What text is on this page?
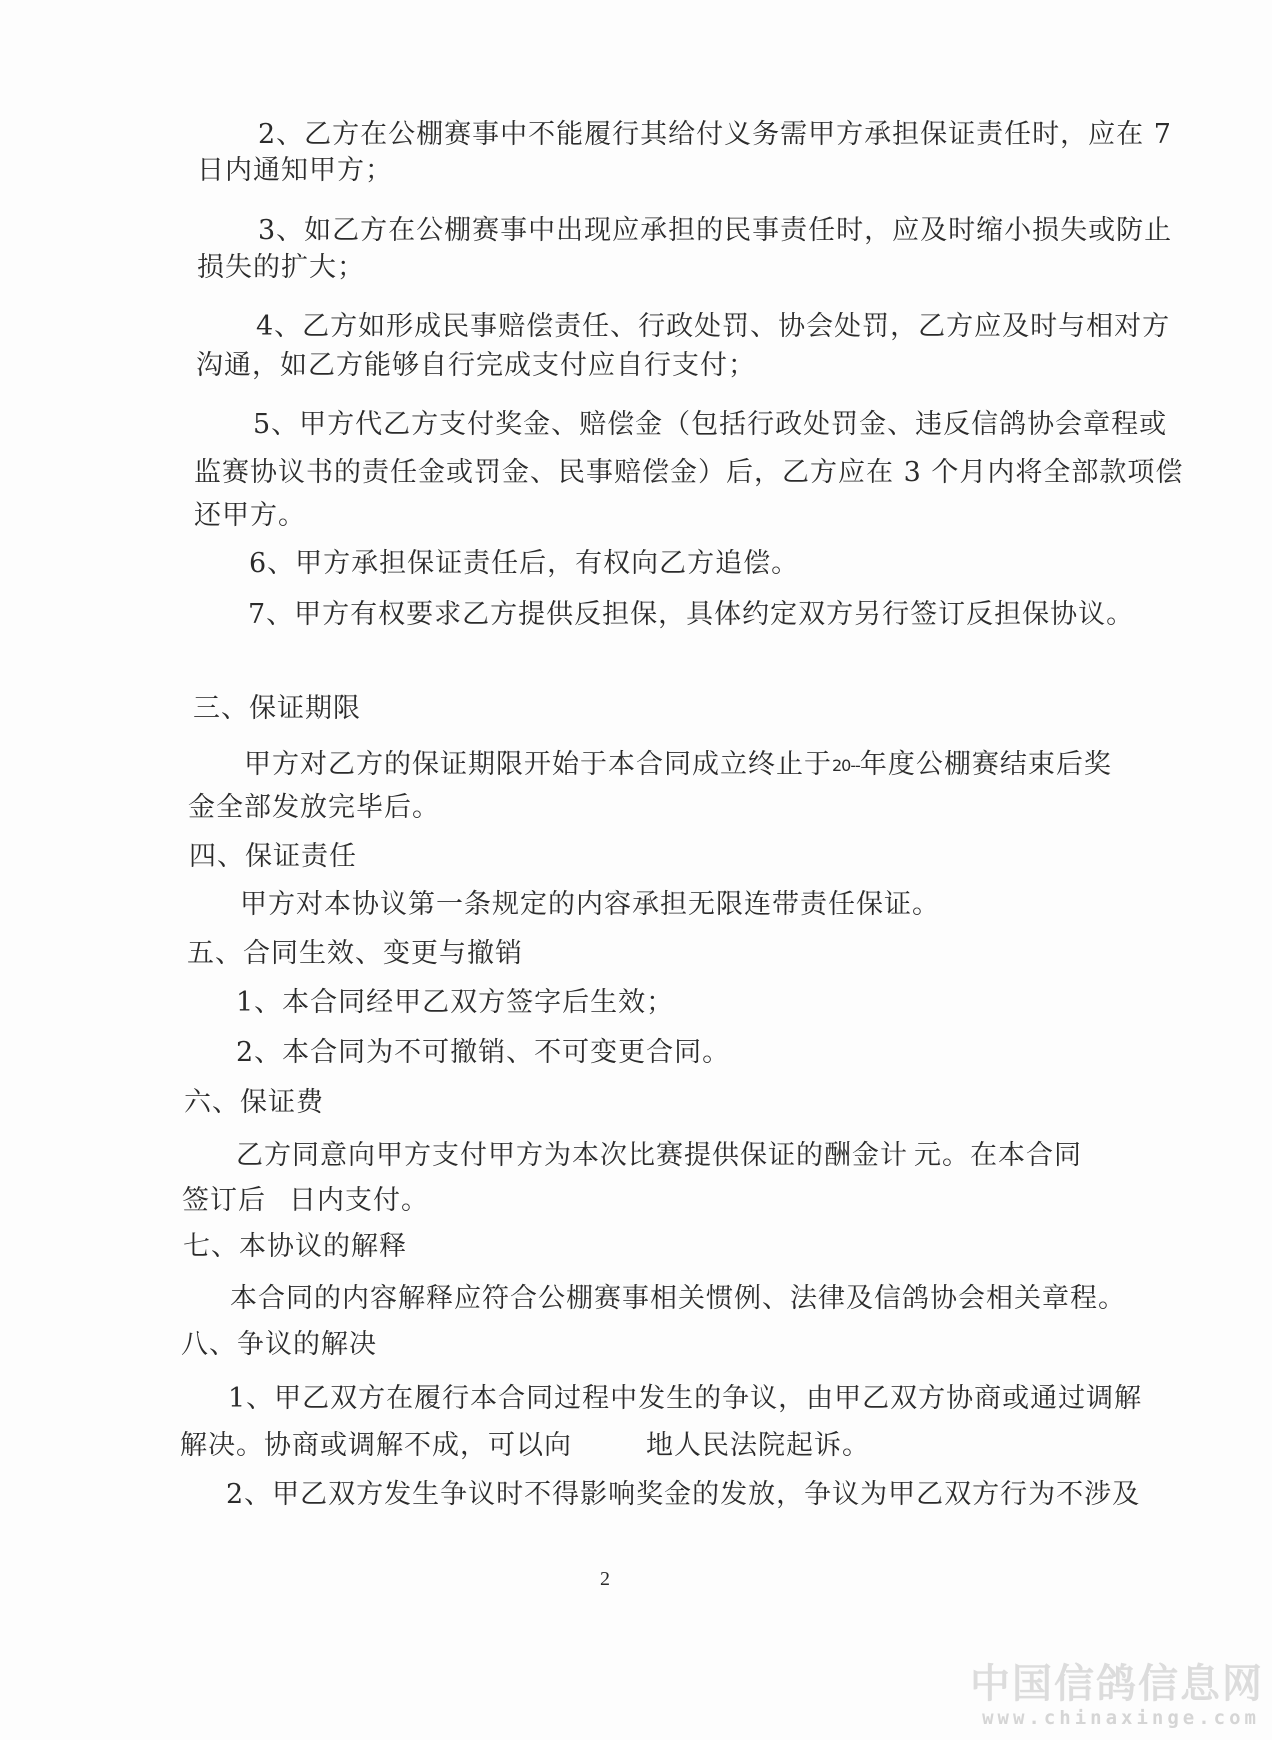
2、乙方在公棚赛事中不能履行其给付义务需甲方承担保证责任时，应在 7
日内通知甲方；
3、如乙方在公棚赛事中出现应承担的民事责任时，应及时缩小损失或防止
损失的扩大；
4、乙方如形成民事赔偿责任、行政处罚、协会处罚，乙方应及时与相对方
沟通，如乙方能够自行完成支付应自行支付；
5、甲方代乙方支付奖金、赔偿金（包括行政处罚金、违反信鸽协会章程或
监赛协议书的责任金或罚金、民事赔偿金）后，乙方应在 3 个月内将全部款项偿
还甲方。
6、甲方承担保证责任后，有权向乙方追偿。
7、甲方有权要求乙方提供反担保，具体约定双方另行签订反担保协议。
三、保证期限
甲方对乙方的保证期限开始于本合同成立终止于20--年度公棚赛结束后奖
金全部发放完毕后。
四、保证责任
甲方对本协议第一条规定的内容承担无限连带责任保证。
五、合同生效、变更与撤销
1、本合同经甲乙双方签字后生效；
2、本合同为不可撤销、不可变更合同。
六、保证费
乙方同意向甲方支付甲方为本次比赛提供保证的酬金计 元。在本合同
签订后 日内支付。
七、本协议的解释
本合同的内容解释应符合公棚赛事相关惯例、法律及信鸽协会相关章程。
八、争议的解决
1、甲乙双方在履行本合同过程中发生的争议，由甲乙双方协商或通过调解
解决。协商或调解不成，可以向	地人民法院起诉。
2、甲乙双方发生争议时不得影响奖金的发放，争议为甲乙双方行为不涉及
2
中国信鸽信息网
www.chinaxinge.com
